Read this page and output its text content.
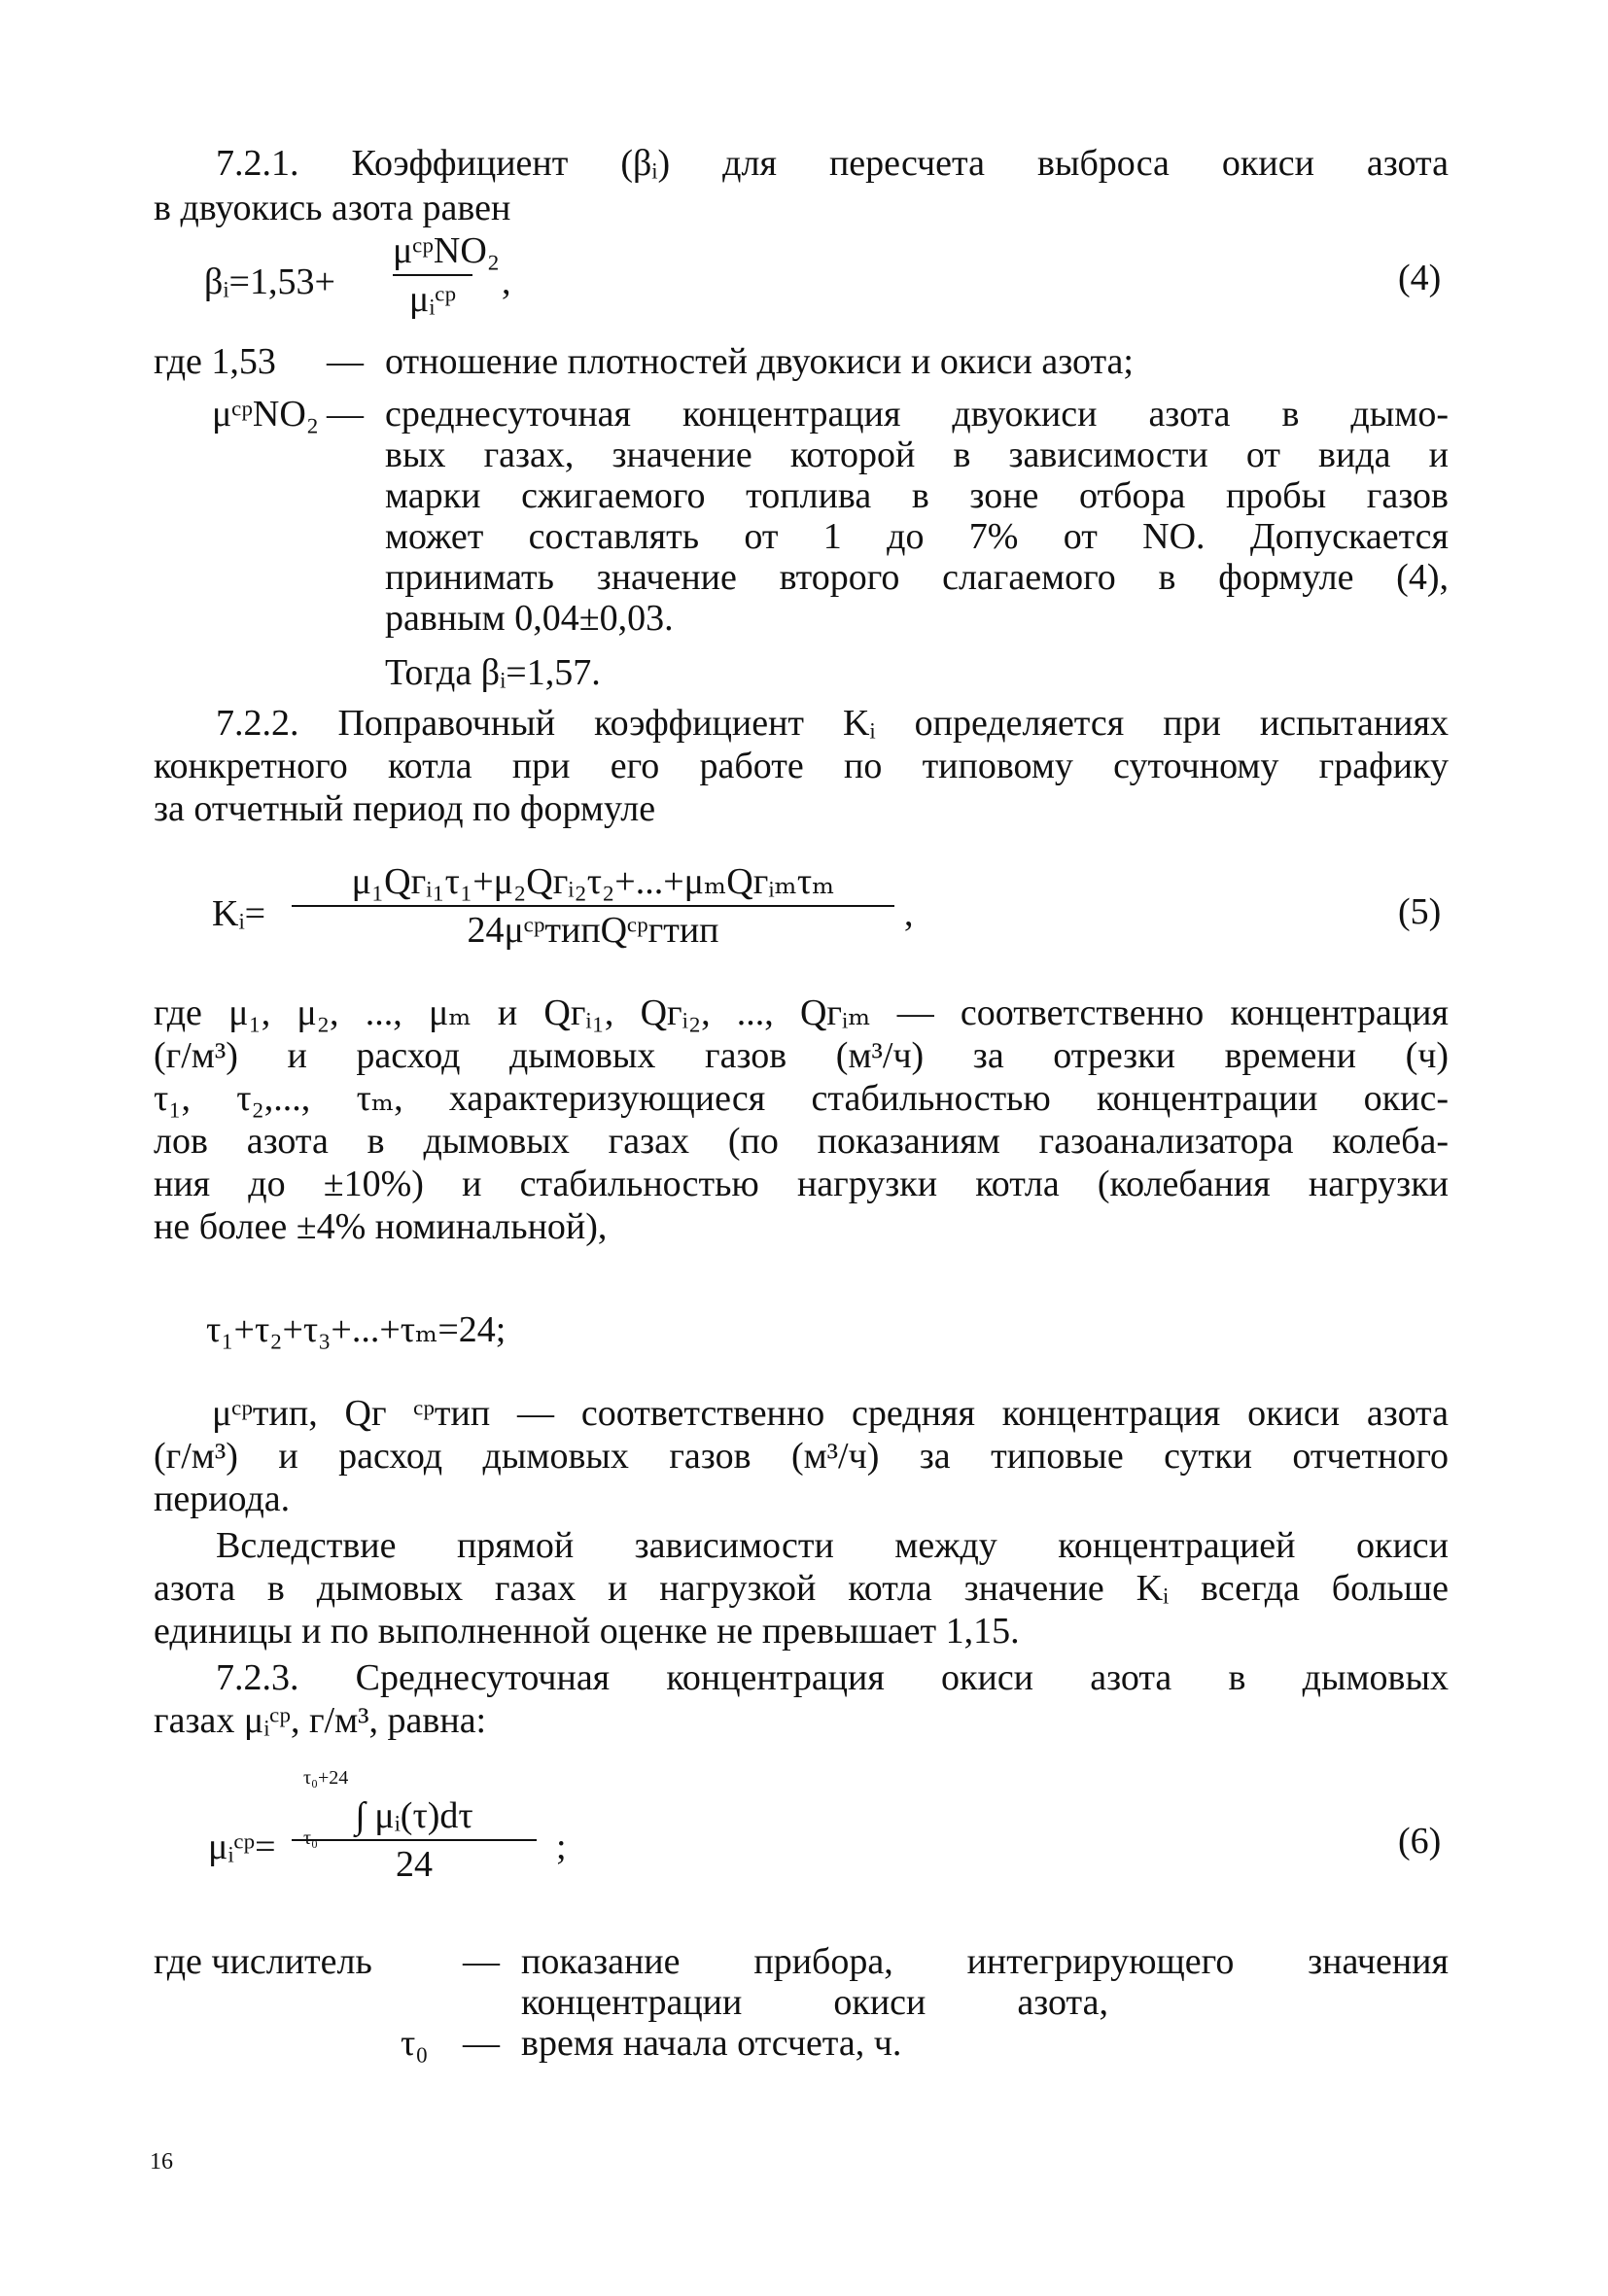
7.2.1. Коэффициент (βᵢ) для пересчета выброса окиси азота
в двуокись азота равен
βᵢ=1,53+
μᶜᵖNO₂
μᵢᶜᵖ	,	(4)
где 1,53 — отношение плотностей двуокиси и окиси азота;
μᶜᵖNO₂ — среднесуточная концентрация двуокиси азота в дымо-
вых газах, значение которой в зависимости от вида и
марки сжигаемого топлива в зоне отбора пробы газов
может составлять от 1 до 7% от NO. Допускается
принимать значение второго слагаемого в формуле (4),
равным 0,04±0,03.
Тогда βᵢ=1,57.
7.2.2. Поправочный коэффициент Kᵢ определяется при испытаниях
конкретного котла при его работе по типовому суточному графику
за отчетный период по формуле
Kᵢ=
μ₁Qгᵢ₁τ₁+μ₂Qгᵢ₂τ₂+...+μₘQгᵢₘτₘ
24μᶜᵖтипQᶜᵖгтип	,	(5)
где μ₁, μ₂, ..., μₘ и Qгᵢ₁, Qгᵢ₂, ..., Qгᵢₘ — соответственно концентрация
(г/м³) и расход дымовых газов (м³/ч) за отрезки времени (ч)
τ₁, τ₂,..., τₘ, характеризующиеся стабильностью концентрации окис-
лов азота в дымовых газах (по показаниям газоанализатора колеба-
ния до ±10%) и стабильностью нагрузки котла (колебания нагрузки
не более ±4% номинальной),
τ₁+τ₂+τ₃+...+τₘ=24;
μᶜᵖтип, Qг ᶜᵖтип — соответственно средняя концентрация окиси азота
(г/м³) и расход дымовых газов (м³/ч) за типовые сутки отчетного
периода.
Вследствие прямой зависимости между концентрацией окиси
азота в дымовых газах и нагрузкой котла значение Kᵢ всегда больше
единицы и по выполненной оценке не превышает 1,15.
7.2.3. Среднесуточная концентрация окиси азота в дымовых
газах μᵢᶜᵖ, г/м³, равна:
μᵢᶜᵖ=
τ₀+24
τ₀
∫ μᵢ(τ)dτ
24	;	(6)
где числитель — показание прибора, интегрирующего значения
концентрации окиси азота,
τ₀ — время начала отсчета, ч.
16
